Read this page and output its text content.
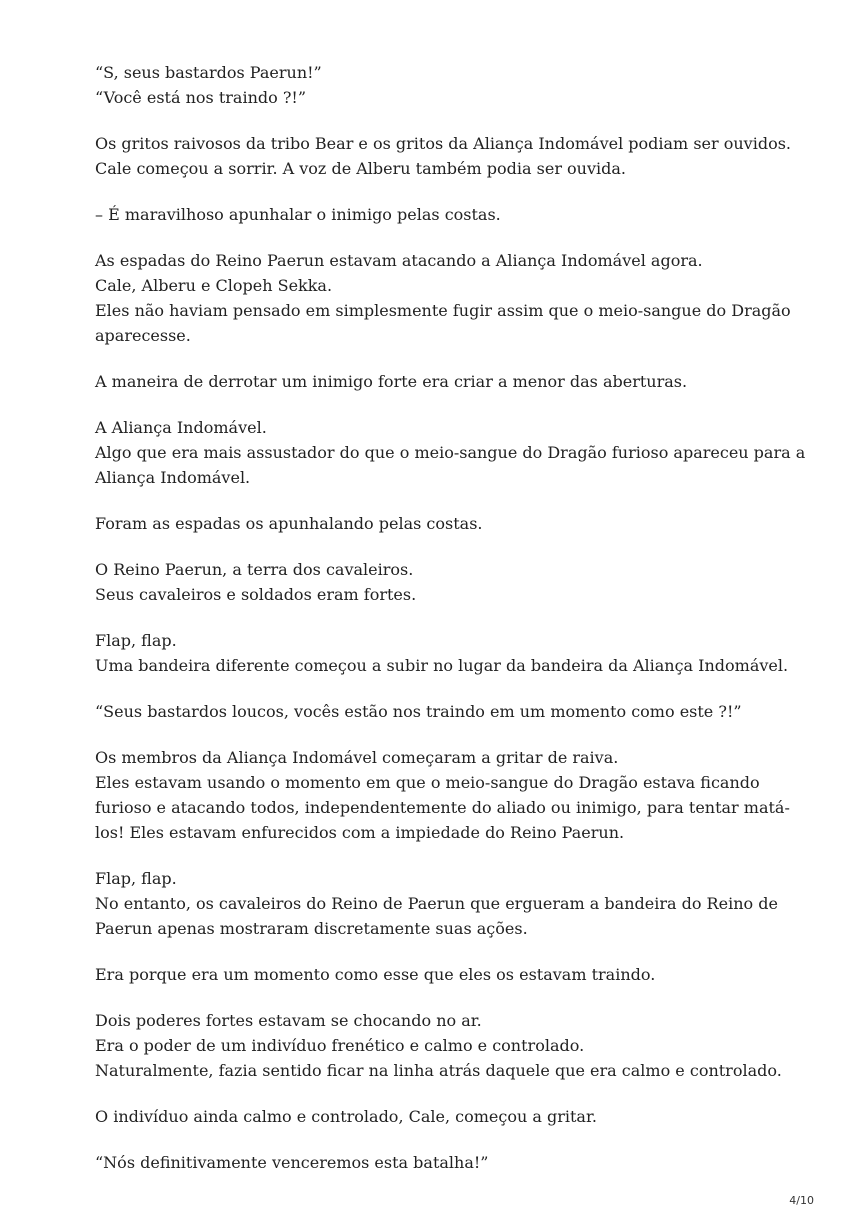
“S, seus bastardos Paerun!”
“Você está nos traindo ?!”

Os gritos raivosos da tribo Bear e os gritos da Aliança Indomável podiam ser ouvidos.
Cale começou a sorrir. A voz de Alberu também podia ser ouvida.

– É maravilhoso apunhalar o inimigo pelas costas.

As espadas do Reino Paerun estavam atacando a Aliança Indomável agora.
Cale, Alberu e Clopeh Sekka.
Eles não haviam pensado em simplesmente fugir assim que o meio-sangue do Dragão
aparecesse.

A maneira de derrotar um inimigo forte era criar a menor das aberturas.

A Aliança Indomável.
Algo que era mais assustador do que o meio-sangue do Dragão furioso apareceu para a
Aliança Indomável.

Foram as espadas os apunhalando pelas costas.

O Reino Paerun, a terra dos cavaleiros.
Seus cavaleiros e soldados eram fortes.

Flap, flap.
Uma bandeira diferente começou a subir no lugar da bandeira da Aliança Indomável.

“Seus bastardos loucos, vocês estão nos traindo em um momento como este ?!”

Os membros da Aliança Indomável começaram a gritar de raiva.
Eles estavam usando o momento em que o meio-sangue do Dragão estava ficando
furioso e atacando todos, independentemente do aliado ou inimigo, para tentar matá-
los! Eles estavam enfurecidos com a impiedade do Reino Paerun.

Flap, flap.
No entanto, os cavaleiros do Reino de Paerun que ergueram a bandeira do Reino de
Paerun apenas mostraram discretamente suas ações.

Era porque era um momento como esse que eles os estavam traindo.

Dois poderes fortes estavam se chocando no ar.
Era o poder de um indivíduo frenético e calmo e controlado.
Naturalmente, fazia sentido ficar na linha atrás daquele que era calmo e controlado.

O indivíduo ainda calmo e controlado, Cale, começou a gritar.

“Nós definitivamente venceremos esta batalha!”

4/10
